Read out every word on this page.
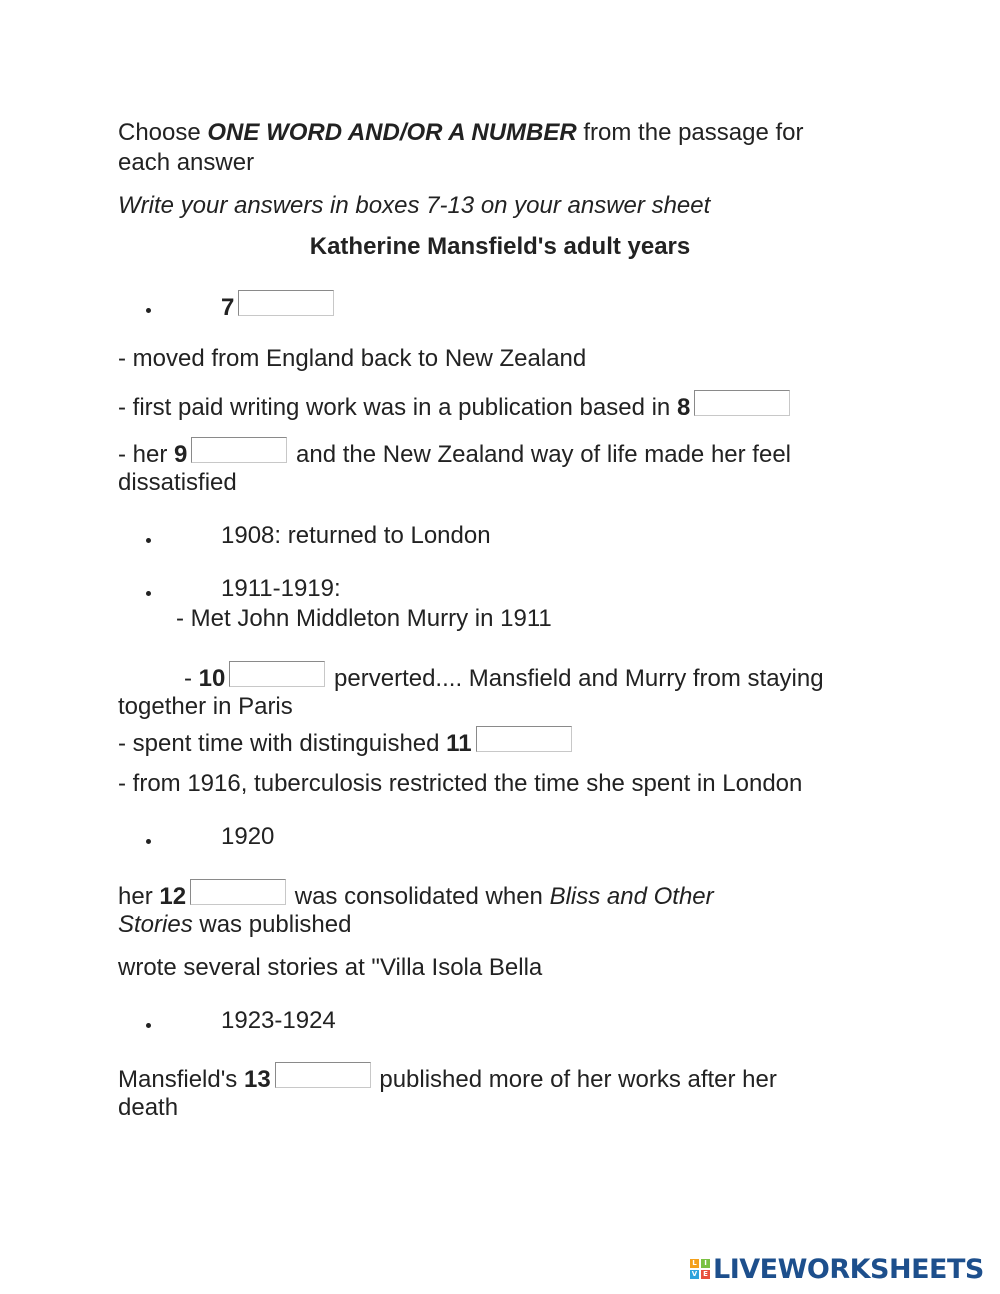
Choose ONE WORD AND/OR A NUMBER from the passage for
each answer
Write your answers in boxes 7-13 on your answer sheet
Katherine Mansfield's adult years
7
- moved from England back to New Zealand
- first paid writing work was in a publication based in 8
- her 9	and the New Zealand way of life made her feel
dissatisfied
1908: returned to London
1911-1919:
- Met John Middleton Murry in 1911
- 10	perverted.... Mansfield and Murry from staying
together in Paris
- spent time with distinguished 11
- from 1916, tuberculosis restricted the time she spent in London
1920
her 12	was consolidated when Bliss and Other
Stories was published
wrote several stories at "Villa Isola Bella
1923-1924
Mansfield's 13	published more of her works after her
death
L	I
V E LIVEWORKSHEETS
